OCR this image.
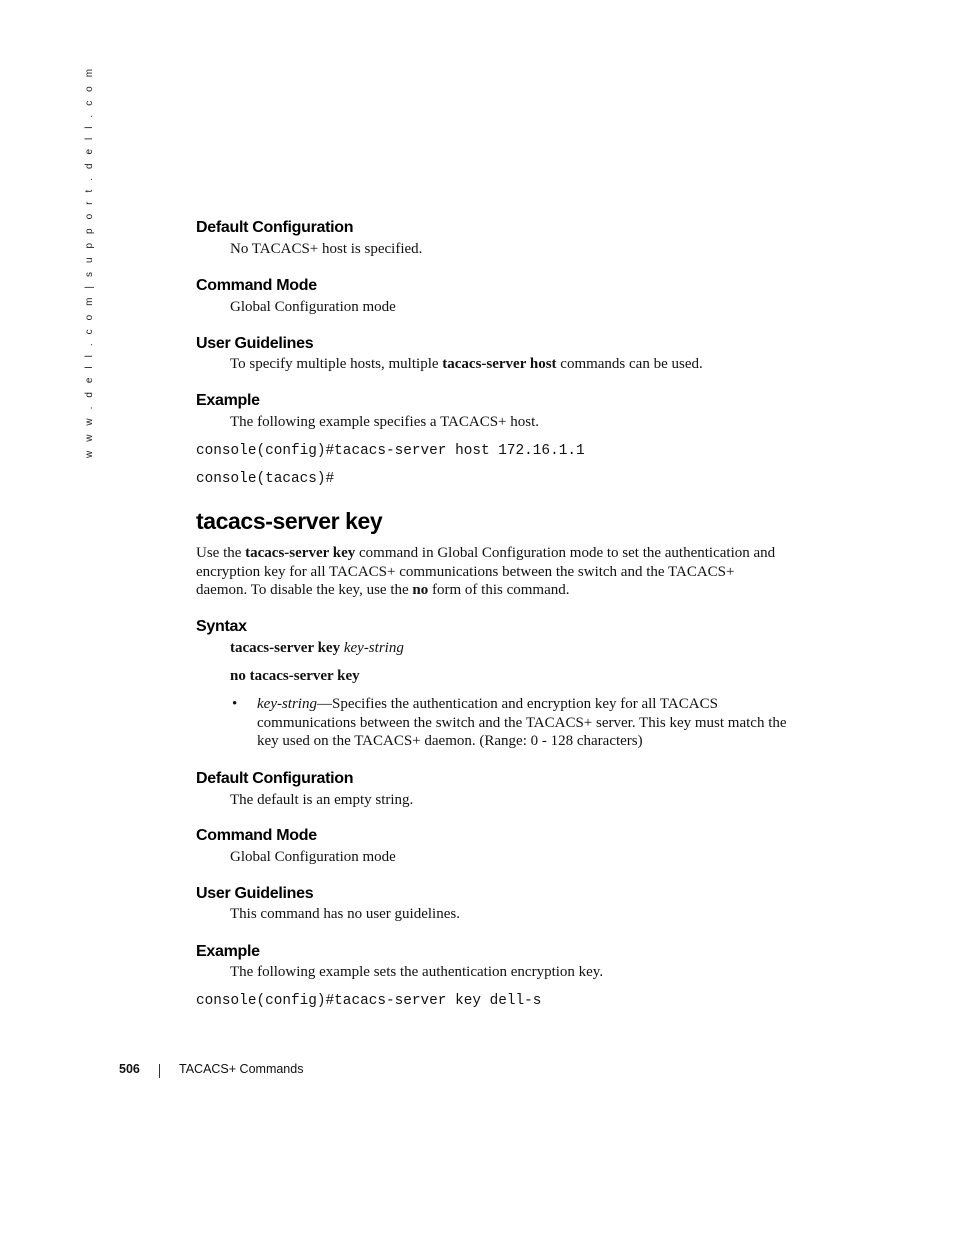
w w w . d e l l . c o m | s u p p o r t . d e l l . c o m	Default Configuration
No TACACS+ host is specified.
Command Mode
Global Configuration mode
User Guidelines
To specify multiple hosts, multiple tacacs-server host commands can be used.
Example
The following example specifies a TACACS+ host.
console(config)#tacacs-server host 172.16.1.1
console(tacacs)#
tacacs-server key
Use the tacacs-server key command in Global Configuration mode to set the authentication and
encryption key for all TACACS+ communications between the switch and the TACACS+
daemon. To disable the key, use the no form of this command.
Syntax
tacacs-server key key-string
no tacacs-server key
• key-string—Specifies the authentication and encryption key for all TACACS
communications between the switch and the TACACS+ server. This key must match the
key used on the TACACS+ daemon. (Range: 0 - 128 characters)
Default Configuration
The default is an empty string.
Command Mode
Global Configuration mode
User Guidelines
This command has no user guidelines.
Example
The following example sets the authentication encryption key.
console(config)#tacacs-server key dell-s
506	TACACS+ Commands
